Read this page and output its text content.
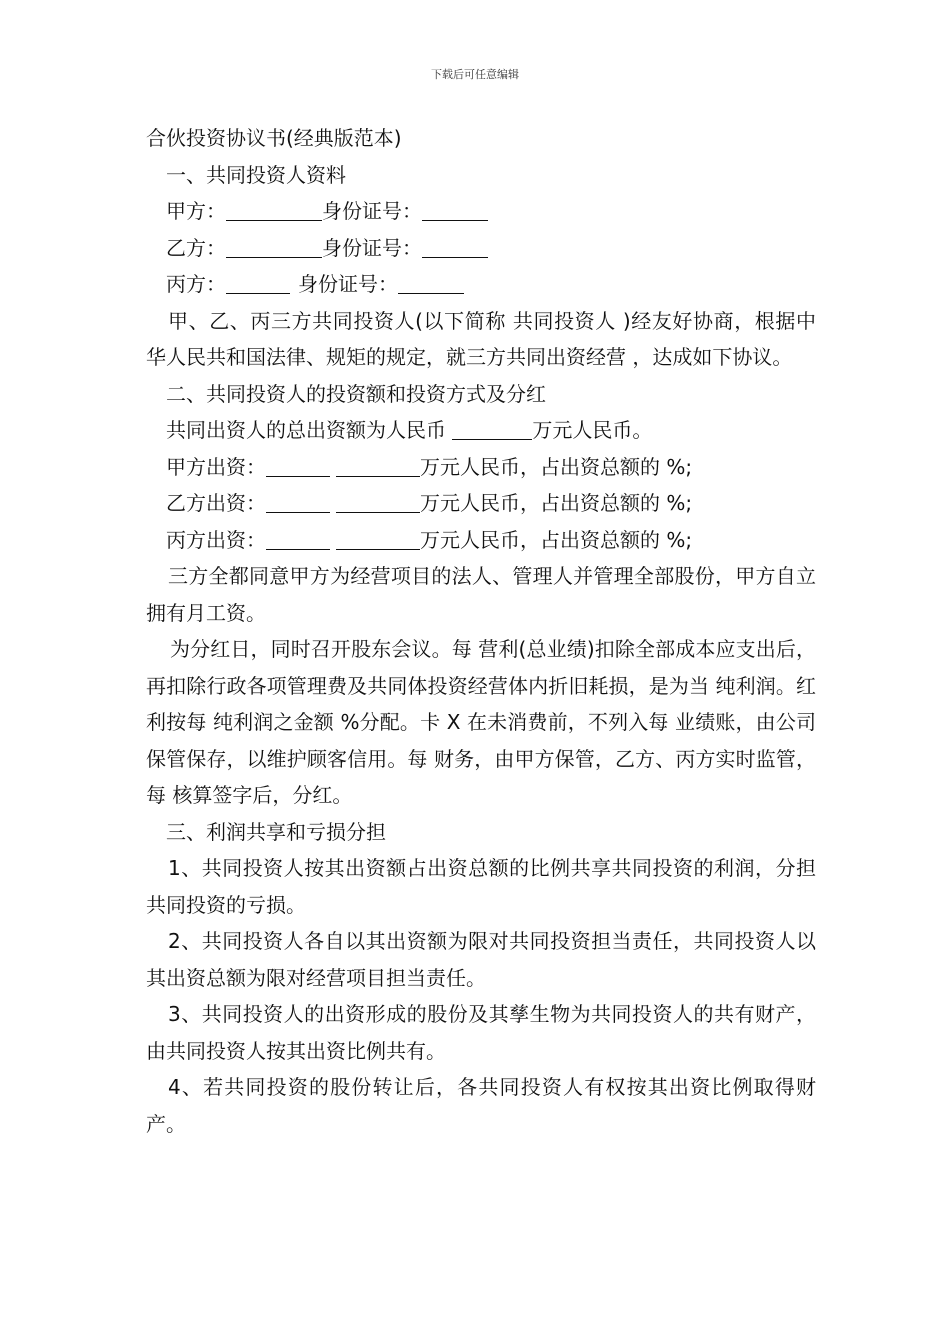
下载后可任意编辑
合伙投资协议书(经典版范本)
一、共同投资人资料
甲方：	身份证号：
乙方：	身份证号：
丙方：	身份证号：
甲、乙、丙三方共同投资人(以下简称 共同投资人 )经友好协商，根据中华人民共和国法律、规矩的规定，就三方共同出资经营 ，达成如下协议。
二、共同投资人的投资额和投资方式及分红
共同出资人的总出资额为人民币	万元人民币。
甲方出资：	万元人民币，占出资总额的 %;
乙方出资：	万元人民币，占出资总额的 %;
丙方出资：	万元人民币，占出资总额的 %;
三方全都同意甲方为经营项目的法人、管理人并管理全部股份，甲方自立拥有月工资。
为分红日，同时召开股东会议。每 营利(总业绩)扣除全部成本应支出后，再扣除行政各项管理费及共同体投资经营体内折旧耗损，是为当 纯利润。红利按每 纯利润之金额 %分配。卡 X 在未消费前，不列入每 业绩账，由公司保管保存，以维护顾客信用。每 财务，由甲方保管，乙方、丙方实时监管，每 核算签字后，分红。
三、利润共享和亏损分担
1、共同投资人按其出资额占出资总额的比例共享共同投资的利润，分担共同投资的亏损。
2、共同投资人各自以其出资额为限对共同投资担当责任，共同投资人以其出资总额为限对经营项目担当责任。
3、共同投资人的出资形成的股份及其孳生物为共同投资人的共有财产，由共同投资人按其出资比例共有。
4、若共同投资的股份转让后，各共同投资人有权按其出资比例取得财产。
